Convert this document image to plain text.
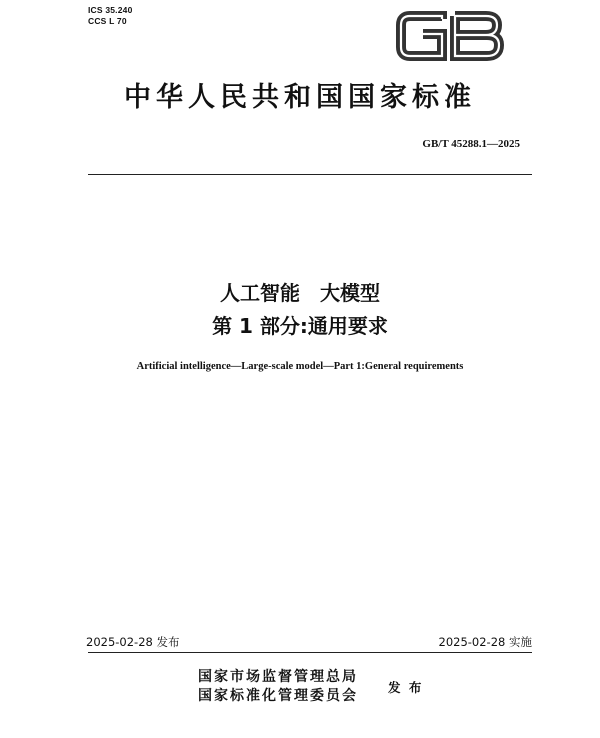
ICS 35.240
CCS L 70
中华人民共和国国家标准
GB/T 45288.1—2025
人工智能　大模型
第 1 部分:通用要求
Artificial intelligence—Large-scale model—Part 1:General requirements
2025-02-28 发布	2025-02-28 实施
国家市场监督管理总局
国家标准化管理委员会
发 布
